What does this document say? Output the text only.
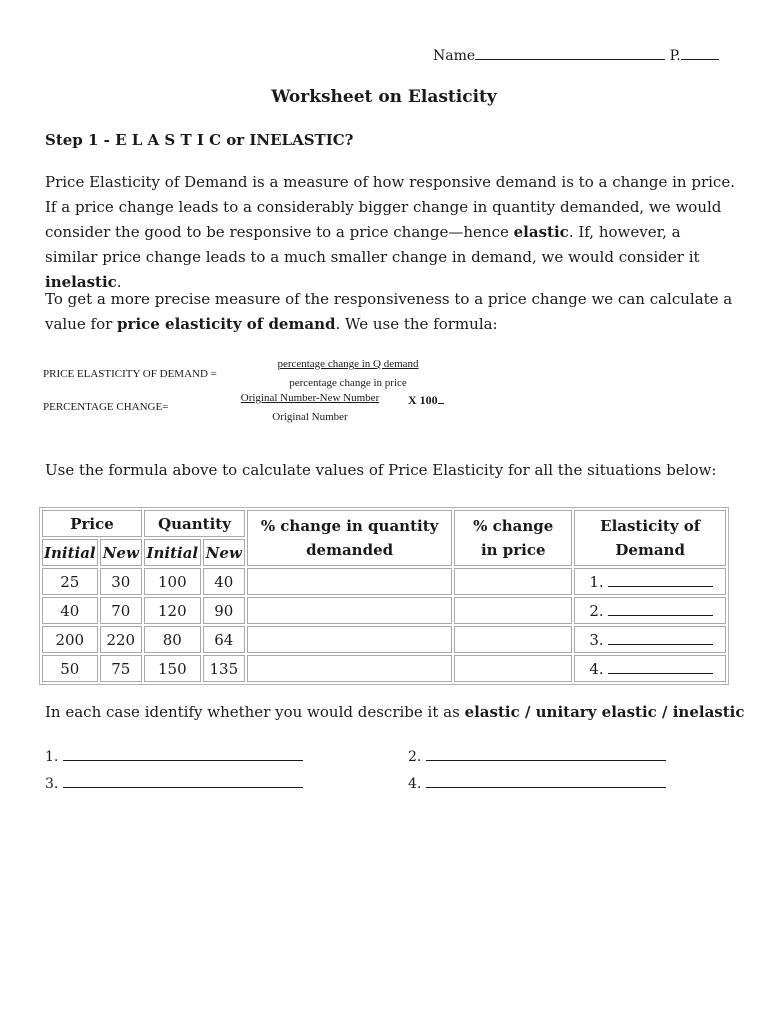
Name	P.
Worksheet on Elasticity
Step 1 - E L A S T I C or INELASTIC?
Price Elasticity of Demand is a measure of how responsive demand is to a change in price. If a price change leads to a considerably bigger change in quantity demanded, we would consider the good to be responsive to a price change—hence elastic. If, however, a similar price change leads to a much smaller change in demand, we would consider it inelastic.
To get a more precise measure of the responsiveness to a price change we can calculate a value for price elasticity of demand. We use the formula:
PRICE ELASTICITY OF DEMAND =
percentage change in Q demand
percentage change in price
PERCENTAGE CHANGE=
Original Number-New Number
Original Number
X 100
Use the formula above to calculate values of Price Elasticity for all the situations below:
Price		Quantity		% change in quantity demanded	% change in price	Elasticity of Demand
Initial	New	Initial	New			
25	30	100	40			1.
40	70	120	90			2.
200	220	80	64			3.
50	75	150	135			4.
In each case identify whether you would describe it as elastic / unitary elastic / inelastic
1.	2.
3.	4.
